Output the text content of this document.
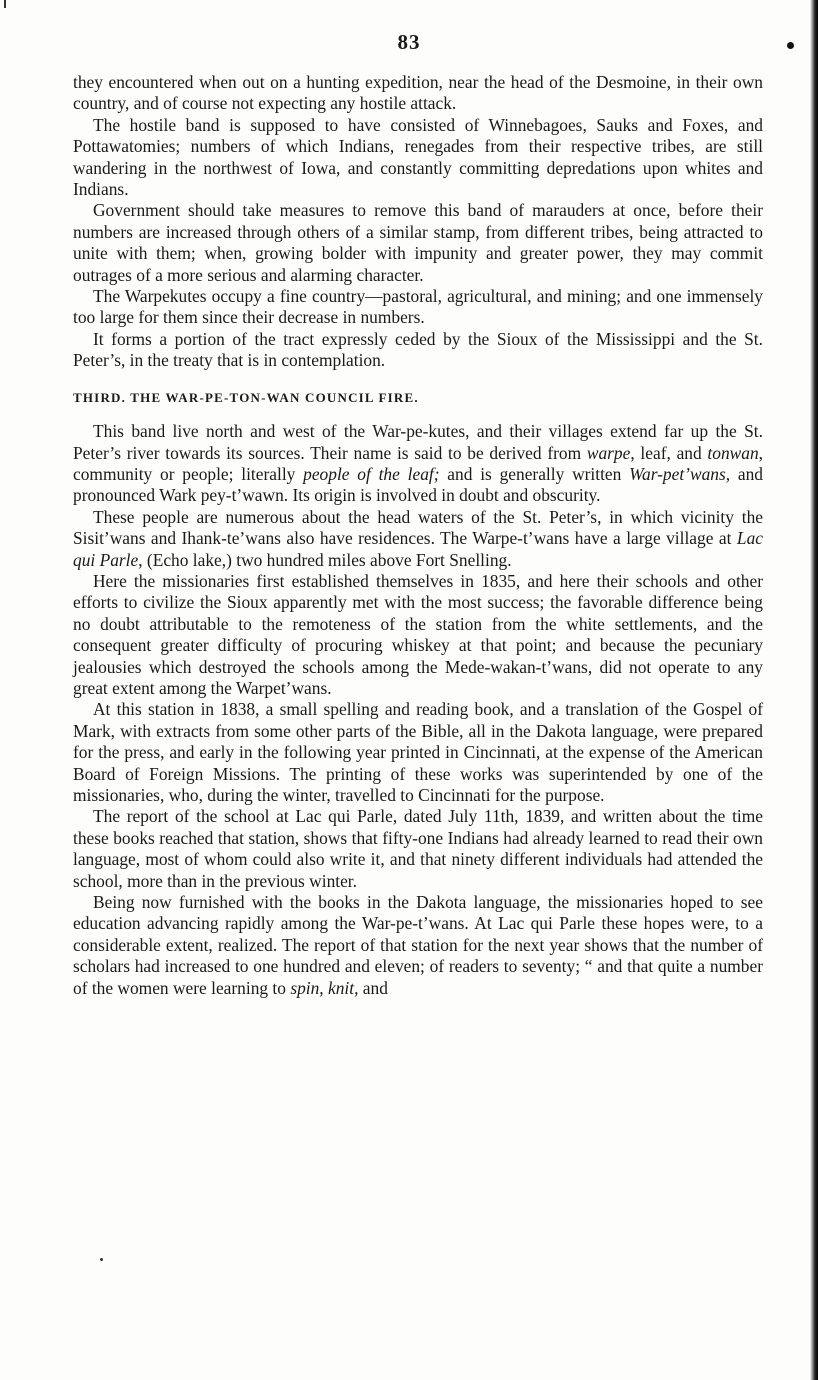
83

they encountered when out on a hunting expedition, near the head of the Desmoine, in their own country, and of course not expecting any hostile attack.

The hostile band is supposed to have consisted of Winnebagoes, Sauks and Foxes, and Pottawatomies; numbers of which Indians, renegades from their respective tribes, are still wandering in the northwest of Iowa, and constantly committing depredations upon whites and Indians.

Government should take measures to remove this band of marauders at once, before their numbers are increased through others of a similar stamp, from different tribes, being attracted to unite with them; when, growing bolder with impunity and greater power, they may commit outrages of a more serious and alarming character.

The Warpekutes occupy a fine country—pastoral, agricultural, and mining; and one immensely too large for them since their decrease in numbers.

It forms a portion of the tract expressly ceded by the Sioux of the Mississippi and the St. Peter’s, in the treaty that is in contemplation.

THIRD. THE WAR-PE-TON-WAN COUNCIL FIRE.

This band live north and west of the War-pe-kutes, and their villages extend far up the St. Peter’s river towards its sources. Their name is said to be derived from warpe, leaf, and tonwan, community or people; literally people of the leaf; and is generally written War-pet’wans, and pronounced Wark pey-t’wawn. Its origin is involved in doubt and obscurity.

These people are numerous about the head waters of the St. Peter’s, in which vicinity the Sisit’wans and Ihank-te’wans also have residences. The Warpe-t’wans have a large village at Lac qui Parle, (Echo lake,) two hundred miles above Fort Snelling.

Here the missionaries first established themselves in 1835, and here their schools and other efforts to civilize the Sioux apparently met with the most success; the favorable difference being no doubt attributable to the remoteness of the station from the white settlements, and the consequent greater difficulty of procuring whiskey at that point; and because the pecuniary jealousies which destroyed the schools among the Mede-wakan-t’wans, did not operate to any great extent among the Warpet’wans.

At this station in 1838, a small spelling and reading book, and a translation of the Gospel of Mark, with extracts from some other parts of the Bible, all in the Dakota language, were prepared for the press, and early in the following year printed in Cincinnati, at the expense of the American Board of Foreign Missions. The printing of these works was superintended by one of the missionaries, who, during the winter, travelled to Cincinnati for the purpose.

The report of the school at Lac qui Parle, dated July 11th, 1839, and written about the time these books reached that station, shows that fifty-one Indians had already learned to read their own language, most of whom could also write it, and that ninety different individuals had attended the school, more than in the previous winter.

Being now furnished with the books in the Dakota language, the missionaries hoped to see education advancing rapidly among the War-pe-t’wans. At Lac qui Parle these hopes were, to a considerable extent, realized. The report of that station for the next year shows that the number of scholars had increased to one hundred and eleven; of readers to seventy; “ and that quite a number of the women were learning to spin, knit, and
